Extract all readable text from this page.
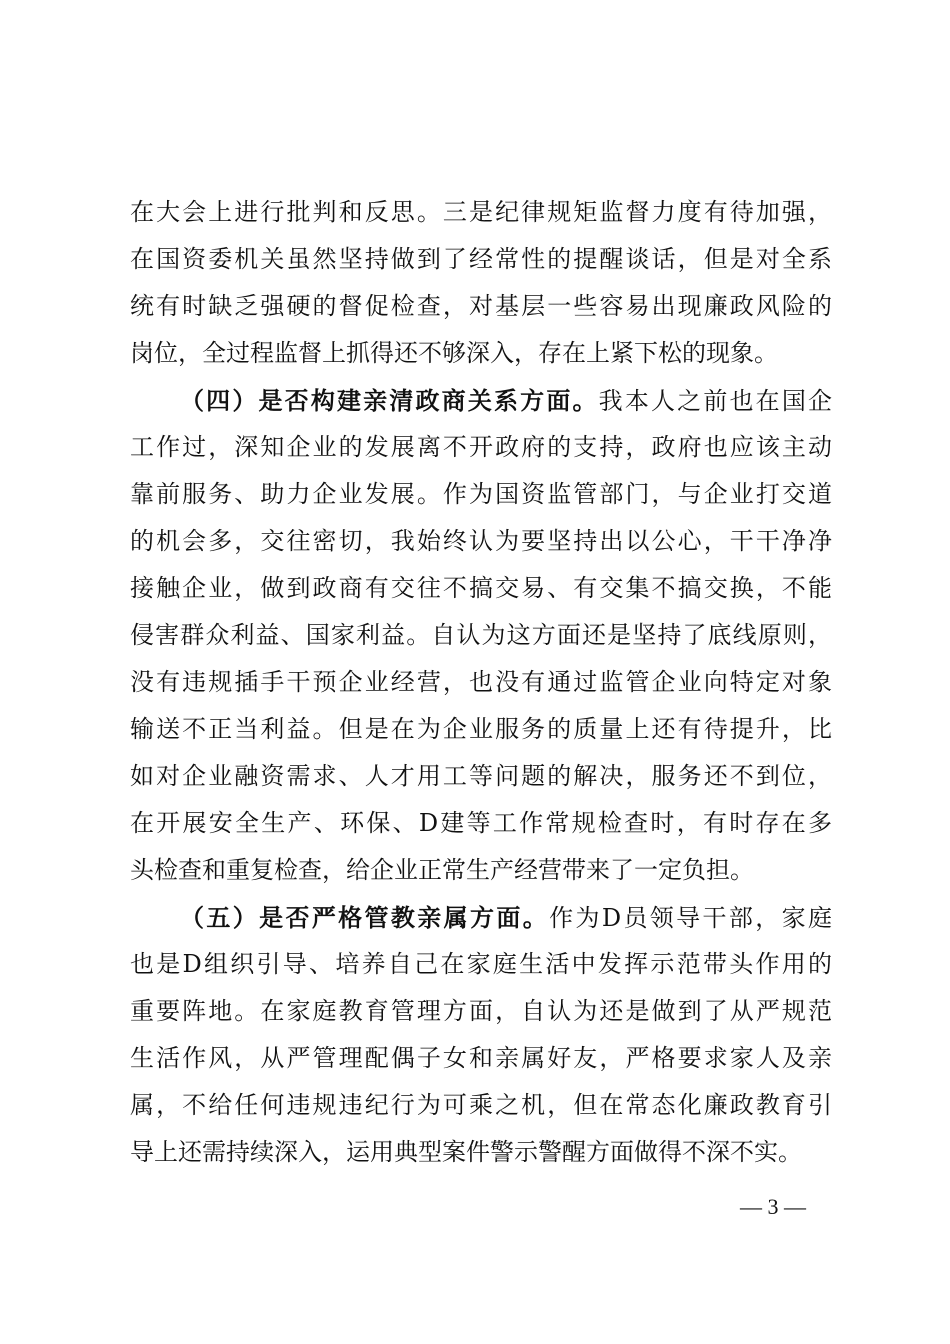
在大会上进行批判和反思。三是纪律规矩监督力度有待加强，
在国资委机关虽然坚持做到了经常性的提醒谈话，但是对全系
统有时缺乏强硬的督促检查，对基层一些容易出现廉政风险的
岗位，全过程监督上抓得还不够深入，存在上紧下松的现象。
（四）是否构建亲清政商关系方面。我本人之前也在国企
工作过，深知企业的发展离不开政府的支持，政府也应该主动
靠前服务、助力企业发展。作为国资监管部门，与企业打交道
的机会多，交往密切，我始终认为要坚持出以公心，干干净净
接触企业，做到政商有交往不搞交易、有交集不搞交换，不能
侵害群众利益、国家利益。自认为这方面还是坚持了底线原则，
没有违规插手干预企业经营，也没有通过监管企业向特定对象
输送不正当利益。但是在为企业服务的质量上还有待提升，比
如对企业融资需求、人才用工等问题的解决，服务还不到位，
在开展安全生产、环保、D建等工作常规检查时，有时存在多
头检查和重复检查，给企业正常生产经营带来了一定负担。
（五）是否严格管教亲属方面。作为D员领导干部，家庭
也是D组织引导、培养自己在家庭生活中发挥示范带头作用的
重要阵地。在家庭教育管理方面，自认为还是做到了从严规范
生活作风，从严管理配偶子女和亲属好友，严格要求家人及亲
属，不给任何违规违纪行为可乘之机，但在常态化廉政教育引
导上还需持续深入，运用典型案件警示警醒方面做得不深不实。
— 3 —
